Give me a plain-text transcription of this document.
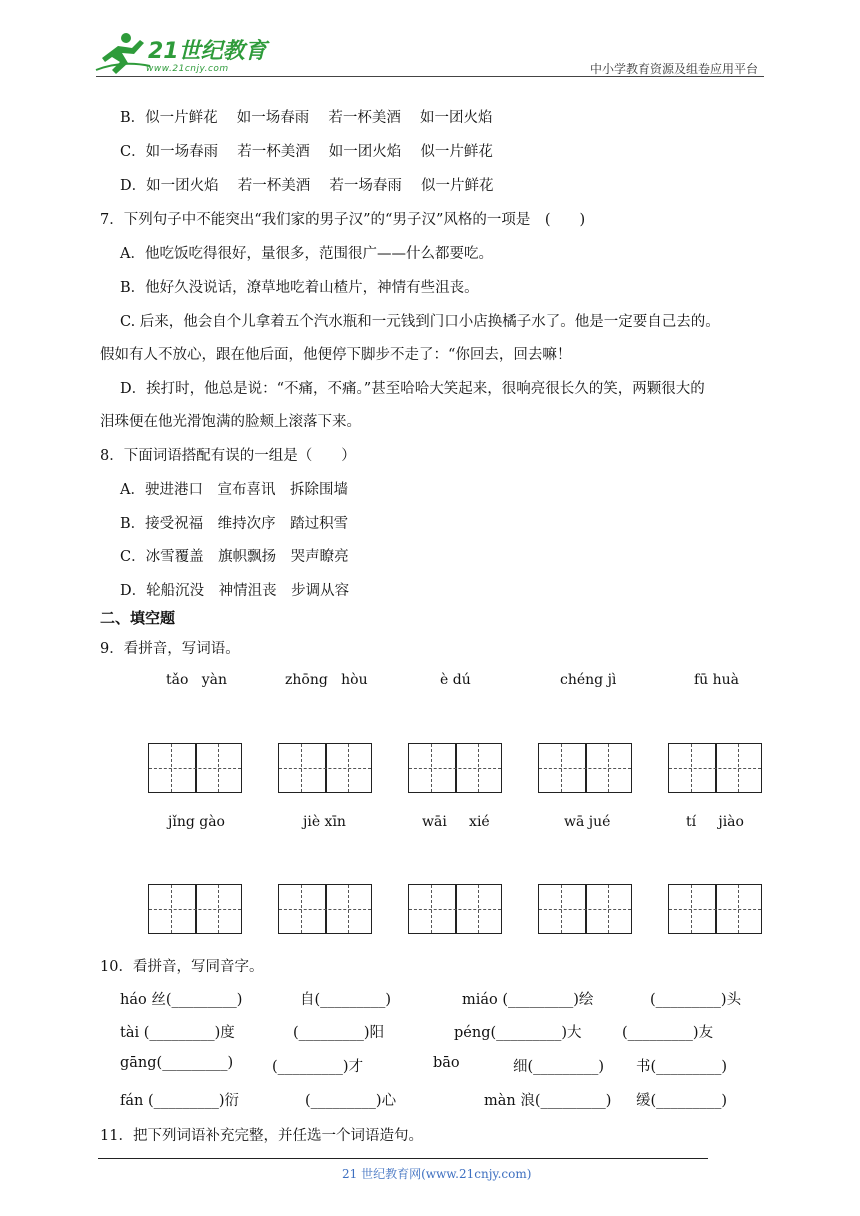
21世纪教育
www.21cnjy.com	中小学教育资源及组卷应用平台
B．似一片鲜花　 如一场春雨　 若一杯美酒　 如一团火焰
C．如一场春雨　 若一杯美酒　 如一团火焰　 似一片鲜花
D．如一团火焰　 若一杯美酒　 若一场春雨　 似一片鲜花
7．下列句子中不能突出“我们家的男子汉”的“男子汉”风格的一项是　(　　)
A．他吃饭吃得很好，量很多，范围很广——什么都要吃。
B．他好久没说话，潦草地吃着山楂片，神情有些沮丧。
C. 后来，他会自个儿拿着五个汽水瓶和一元钱到门口小店换橘子水了。他是一定要自己去的。
假如有人不放心，跟在他后面，他便停下脚步不走了：“你回去，回去嘛！
D．挨打时，他总是说：“不痛，不痛。”甚至哈哈大笑起来，很响亮很长久的笑，两颗很大的
泪珠便在他光滑饱满的脸颊上滚落下来。
8．下面词语搭配有误的一组是（　　）
A．驶进港口　宣布喜讯　拆除围墙
B．接受祝福　维持次序　踏过积雪
C．冰雪覆盖　旗帜飘扬　哭声瞭亮
D．轮船沉没　神情沮丧　步调从容
二、填空题
9．看拼音，写词语。
tǎo   yàn	zhōng   hòu	è dú	chéng jì	fū huà
jǐng gào	jiè xīn	wāi     xié	wā jué	tí     jiào
10．看拼音，写同音字。
háo 丝(_________)	自(_________)	miáo (_________)绘	(_________)头
tài (_________)度	(_________)阳	péng(_________)大	(_________)友
gāng(_________)	(_________)才	bāo	细(_________) 书(_________)
fán (_________)衍	(_________)心	màn 浪(_________) 缓(_________)
11．把下列词语补充完整，并任选一个词语造句。
21 世纪教育网(www.21cnjy.com)
